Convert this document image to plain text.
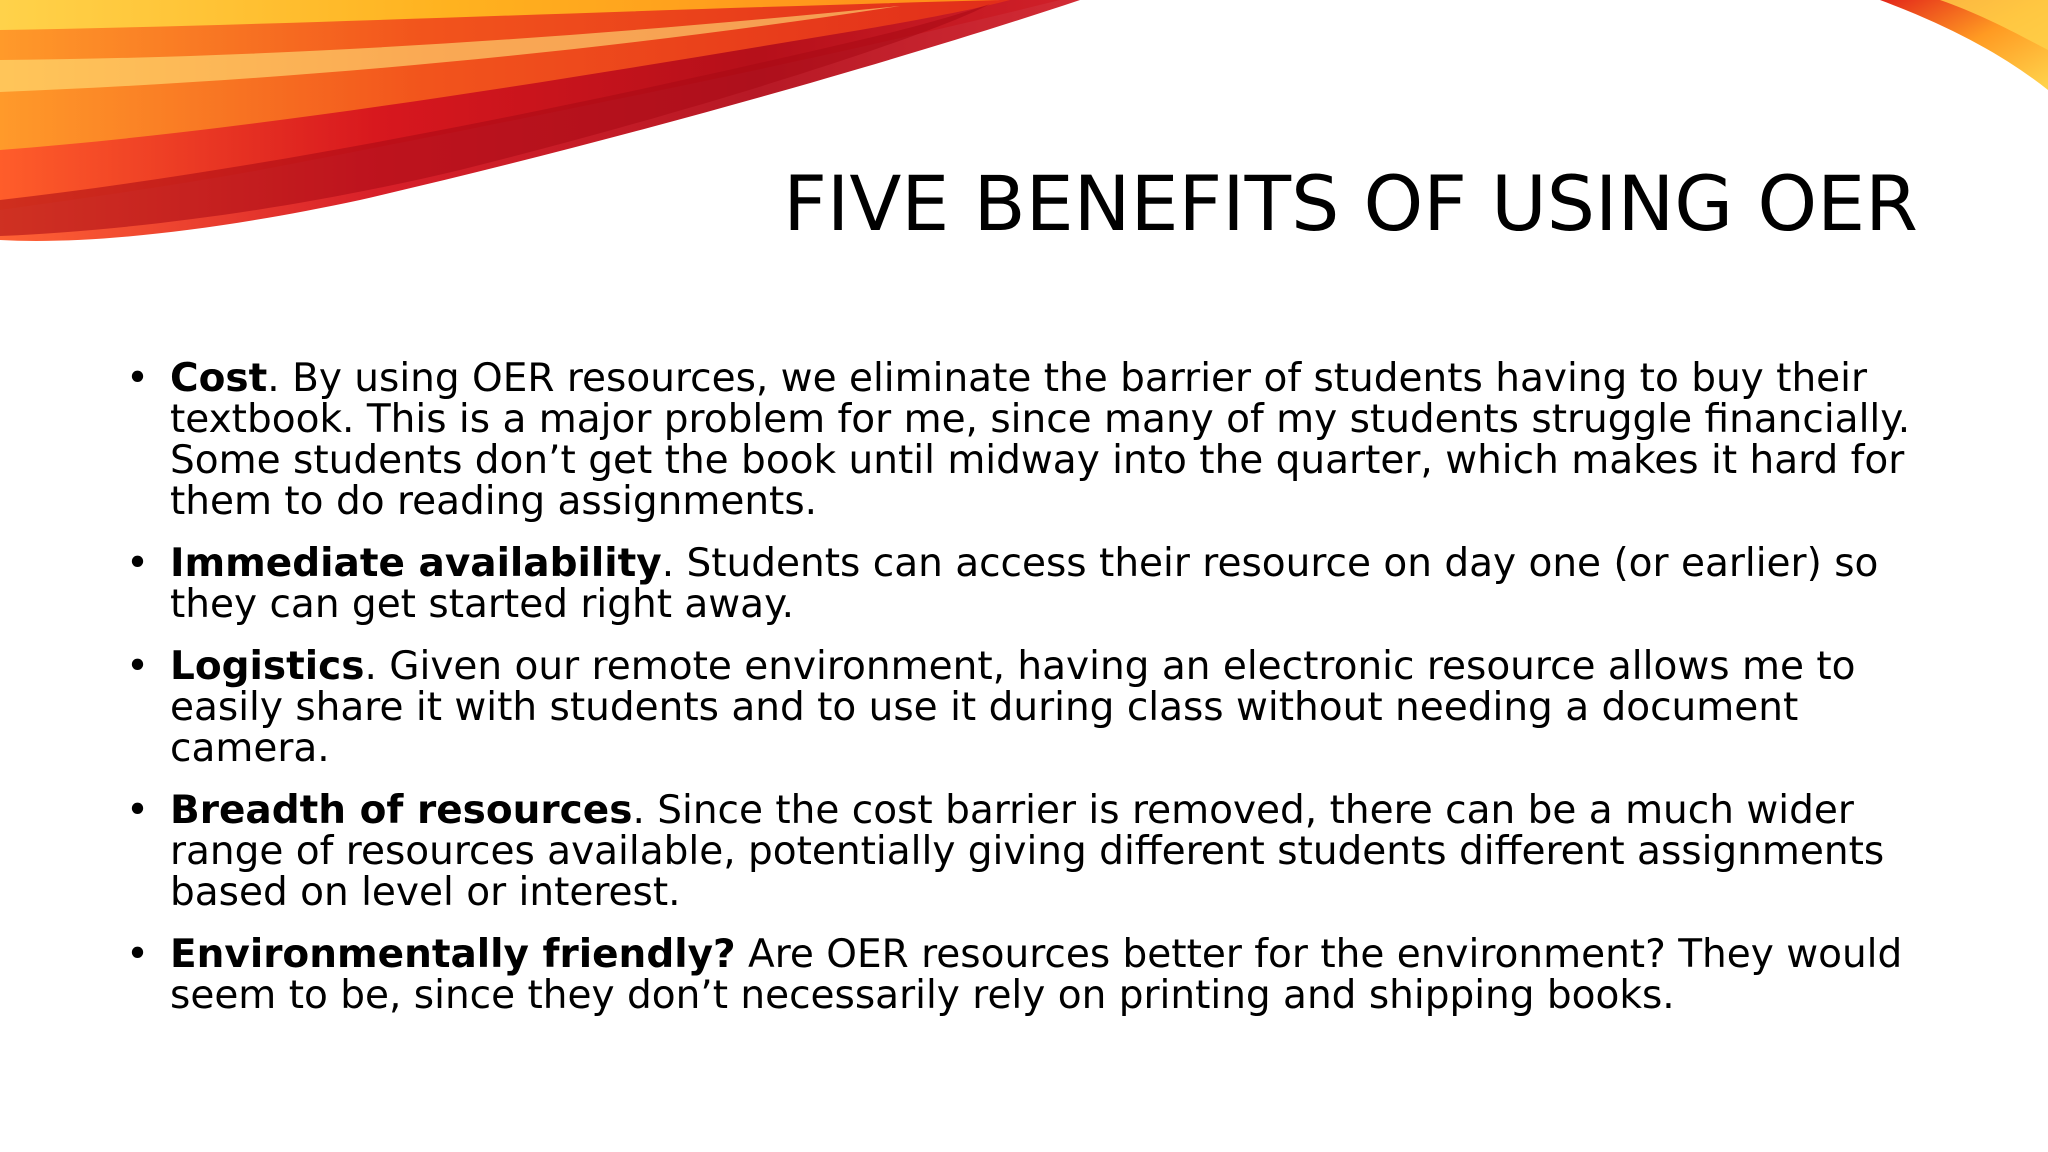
FIVE BENEFITS OF USING OER
• Cost. By using OER resources, we eliminate the barrier of students having to buy their textbook. This is a major problem for me, since many of my students struggle financially. Some students don’t get the book until midway into the quarter, which makes it hard for them to do reading assignments.
• Immediate availability. Students can access their resource on day one (or earlier) so they can get started right away.
• Logistics. Given our remote environment, having an electronic resource allows me to easily share it with students and to use it during class without needing a document camera.
• Breadth of resources. Since the cost barrier is removed, there can be a much wider range of resources available, potentially giving different students different assignments based on level or interest.
• Environmentally friendly? Are OER resources better for the environment? They would seem to be, since they don’t necessarily rely on printing and shipping books.
